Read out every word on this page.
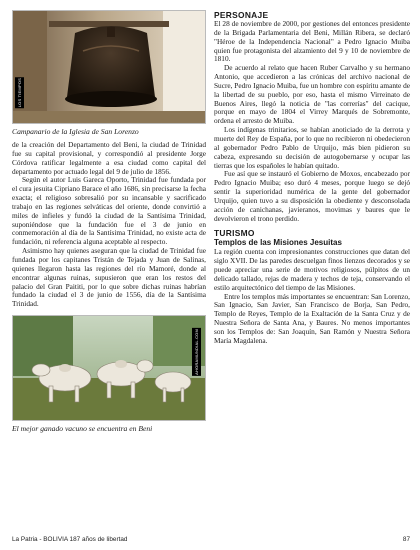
LOS TIEMPOS
Campanario de la Iglesia de San Lorenzo

de la creación del Departamento del Beni, la ciudad de Trinidad fue su capital provisional, y correspondió al presidente Jorge Córdova ratificar legalmente a esa ciudad como capital del departamento por actuado legal del 9 de julio de 1856.

Según el autor Luis Gareca Oporto, Trinidad fue fundada por el cura jesuita Cipriano Barace el año 1686, sin precisarse la fecha exacta; el religioso sobresalió por su incansable y sacrificado trabajo en las regiones selváticas del oriente, donde convirtió a miles de infieles y fundó la ciudad de la Santísima Trinidad, suponiéndose que la fundación fue el 3 de junio en conmemoración al día de la Santísima Trinidad, no existe acta de fundación, ni referencia alguna aceptable al respecto.

Asimismo hay quienes aseguran que la ciudad de Trinidad fue fundada por los capitanes Tristán de Tejada y Juan de Salinas, quienes llegaron hasta las regiones del río Mamoré, donde al encontrar algunas ruinas, supusieron que eran los restos del palacio del Gran Paititi, por lo que sobre dichas ruinas habrían fundado la ciudad el 3 de junio de 1556, día de la Santísima Trinidad.

AHORAMUNDIAL.COM
El mejor ganado vacuno se encuentra en Beni
PERSONAJE

El 28 de noviembre de 2000, por gestiones del entonces presidente de la Brigada Parlamentaria del Beni, Millán Ribera, se declaró "Héroe de la Independencia Nacional" a Pedro Ignacio Muiba quien fue protagonista del alzamiento del 9 y 10 de noviembre de 1810.

De acuerdo al relato que hacen Ruber Carvalho y su hermano Antonio, que accedieron a las crónicas del archivo nacional de Sucre, Pedro Ignacio Muiba, fue un hombre con espíritu amante de la libertad de su pueblo, por eso, hasta el mismo Virreinato de Buenos Aires, llegó la noticia de "las correrías" del cacique, porque en mayo de 1804 el Virrey Marqués de Sobremonte, ordena el arresto de Muiba.

Los indígenas trinitarios, se habían anoticiado de la derrota y muerte del Rey de España, por lo que no recibieron ni obedecieron al gobernador Pedro Pablo de Urquijo, más bien pidieron su cabeza, expresando su decisión de autogobernarse y ocupar las tierras que los españoles le habían quitado.

Fue así que se instauró el Gobierno de Moxos, encabezado por Pedro Ignacio Muiba; eso duró 4 meses, porque luego se dejó sentir la superioridad numérica de la gente del gobernador Urquijo, quien tuvo a su disposición la obediente y desconsolada acción de canichanas, javieranos, movimas y baures que le devolvieron el trono perdido.

TURISMO
Templos de las Misiones Jesuitas

La región cuenta con impresionantes construcciones que datan del siglo XVII. De las paredes descuelgan finos lienzos decorados y se puede apreciar una serie de motivos religiosos, púlpitos de un delicado tallado, rejas de madera y techos de teja, conservando el estilo arquitectónico del tiempo de las Misiones.

Entre los templos más importantes se encuentran: San Lorenzo, San Ignacio, San Javier, San Francisco de Borja, San Pedro, Templo de Reyes, Templo de la Exaltación de la Santa Cruz y de Nuestra Señora de Santa Ana, y Baures. No menos importantes son los Templos de: San Joaquín, San Ramón y Nuestra Señora María Magdalena.

La Patria - BOLIVIA 187 años de libertad	87
